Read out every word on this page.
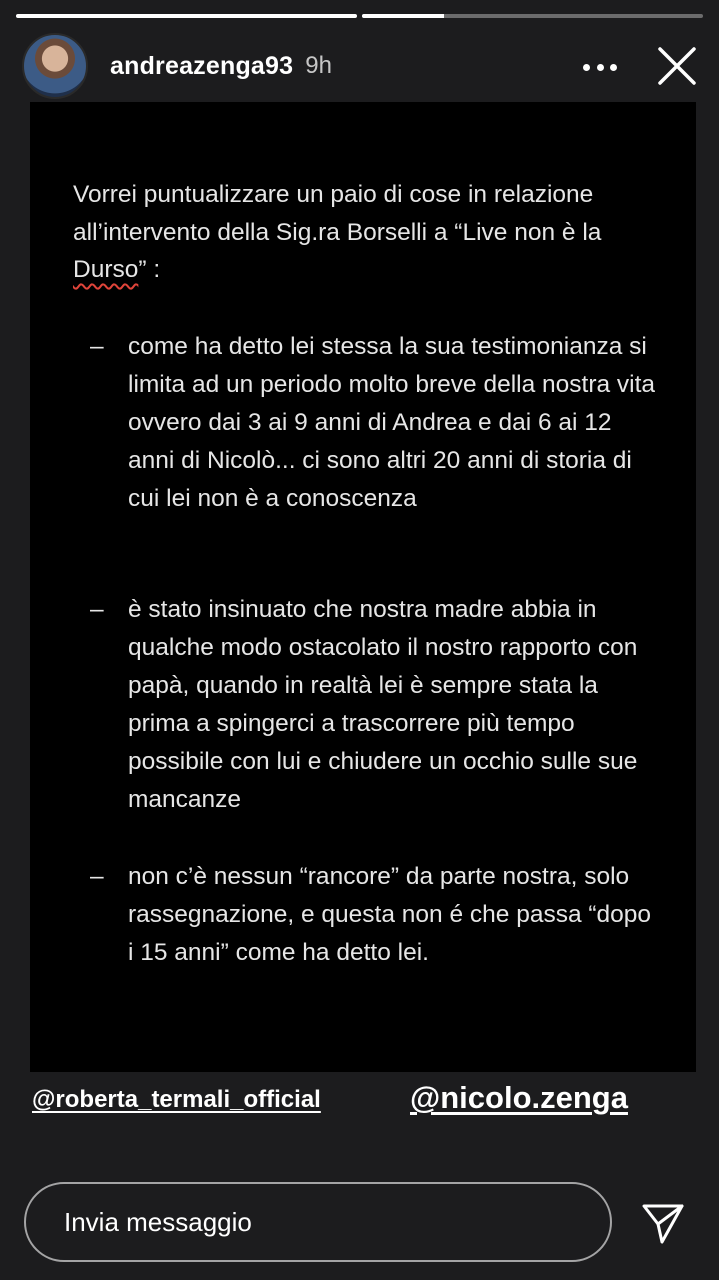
andreazenga93 9h
Vorrei puntualizzare un paio di cose in relazione all’intervento della Sig.ra Borselli a “Live non è la Durso” :
– come ha detto lei stessa la sua testimonianza si limita ad un periodo molto breve della nostra vita ovvero dai 3 ai 9 anni di Andrea e dai 6 ai 12 anni di Nicolò... ci sono altri 20 anni di storia di cui lei non è a conoscenza
– è stato insinuato che nostra madre abbia in qualche modo ostacolato il nostro rapporto con papà, quando in realtà lei è sempre stata la prima a spingerci a trascorrere più tempo possibile con lui e chiudere un occhio sulle sue mancanze
– non c’è nessun “rancore” da parte nostra, solo rassegnazione, e questa non é che passa “dopo i 15 anni” come ha detto lei.
@roberta_termali_official	@nicolo.zenga
Invia messaggio
